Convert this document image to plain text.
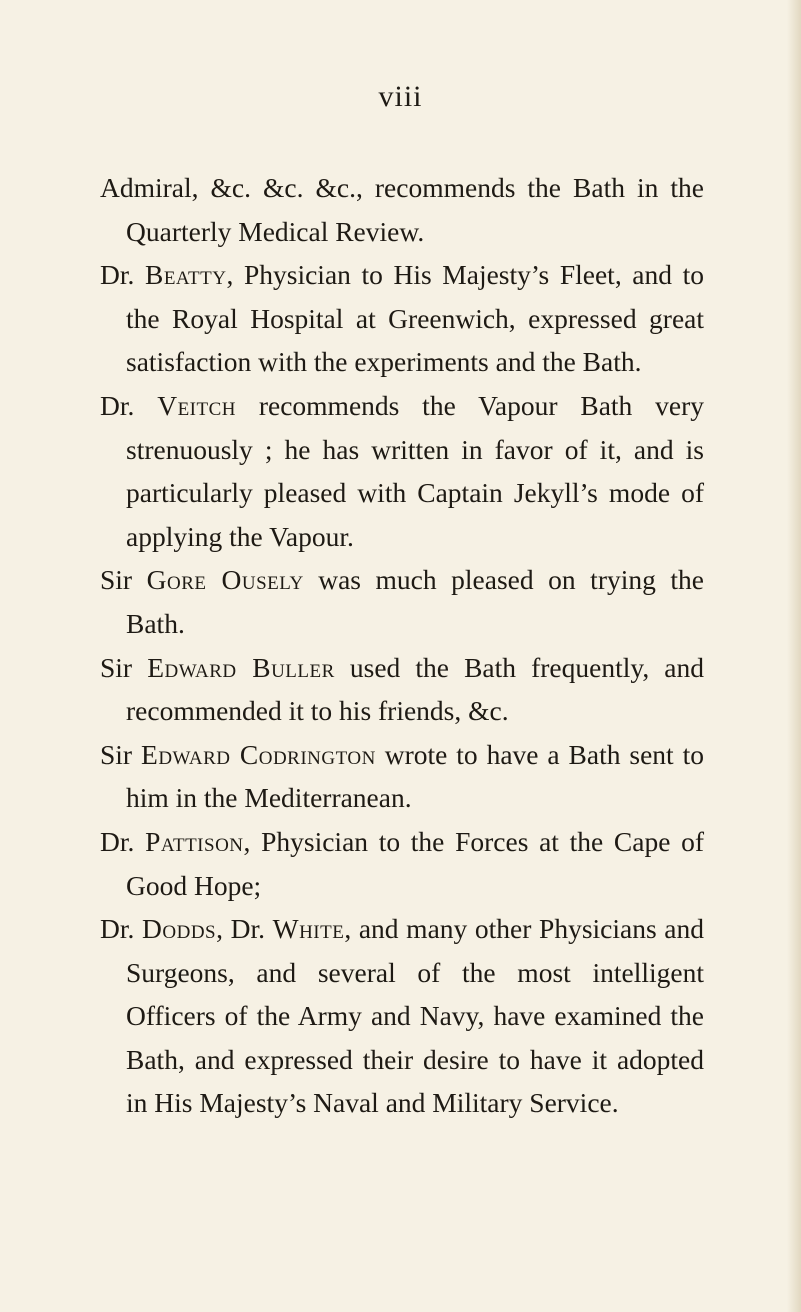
viii

Admiral, &c. &c. &c., recommends the Bath in the Quarterly Medical Review.

Dr. Beatty, Physician to His Majesty’s Fleet, and to the Royal Hospital at Greenwich, expressed great satisfaction with the experiments and the Bath.

Dr. Veitch recommends the Vapour Bath very strenuously ; he has written in favor of it, and is particularly pleased with Captain Jekyll’s mode of applying the Vapour.

Sir Gore Ousely was much pleased on trying the Bath.

Sir Edward Buller used the Bath frequently, and recommended it to his friends, &c.

Sir Edward Codrington wrote to have a Bath sent to him in the Mediterranean.

Dr. Pattison, Physician to the Forces at the Cape of Good Hope;

Dr. Dodds, Dr. White, and many other Physicians and Surgeons, and several of the most intelligent Officers of the Army and Navy, have examined the Bath, and expressed their desire to have it adopted in His Majesty’s Naval and Military Service.
